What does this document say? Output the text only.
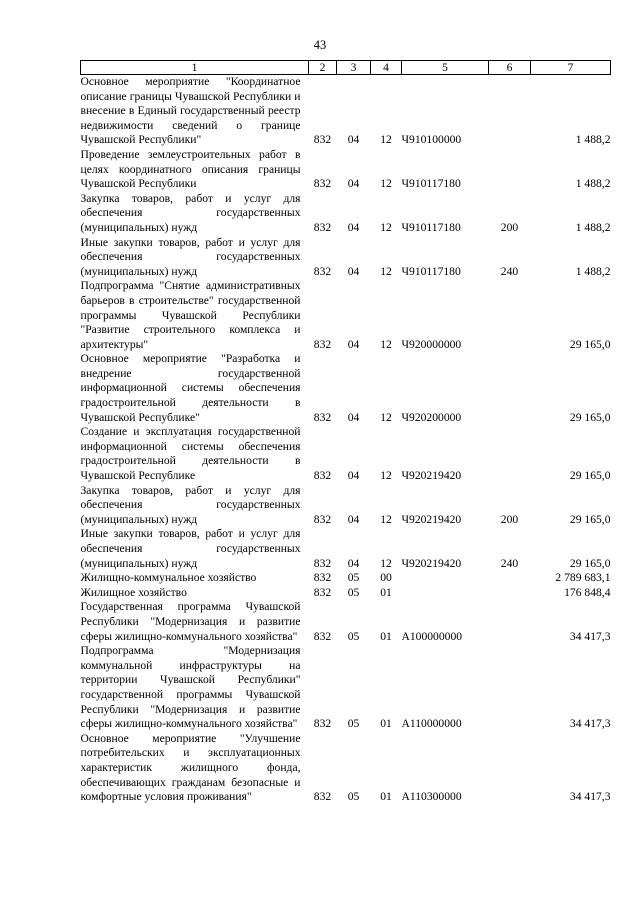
43
1	2	3	4	5	6	7
Основное мероприятие "Координатное описание границы Чувашской Республики и внесение в Единый государственный реестр недвижимости сведений о границе Чувашской Республики"	832	04	12	Ч910100000		1 488,2
Проведение землеустроительных работ в целях координатного описания границы Чувашской Республики	832	04	12	Ч910117180		1 488,2
Закупка товаров, работ и услуг для обеспечения государственных (муниципальных) нужд	832	04	12	Ч910117180	200	1 488,2
Иные закупки товаров, работ и услуг для обеспечения государственных (муниципальных) нужд	832	04	12	Ч910117180	240	1 488,2
Подпрограмма "Снятие административных барьеров в строительстве" государственной программы Чувашской Республики "Развитие строительного комплекса и архитектуры"	832	04	12	Ч920000000		29 165,0
Основное мероприятие "Разработка и внедрение государственной информационной системы обеспечения градостроительной деятельности в Чувашской Республике"	832	04	12	Ч920200000		29 165,0
Создание и эксплуатация государственной информационной системы обеспечения градостроительной деятельности в Чувашской Республике	832	04	12	Ч920219420		29 165,0
Закупка товаров, работ и услуг для обеспечения государственных (муниципальных) нужд	832	04	12	Ч920219420	200	29 165,0
Иные закупки товаров, работ и услуг для обеспечения государственных (муниципальных) нужд	832	04	12	Ч920219420	240	29 165,0
Жилищно-коммунальное хозяйство	832	05	00			2 789 683,1
Жилищное хозяйство	832	05	01			176 848,4
Государственная программа Чувашской Республики "Модернизация и развитие сферы жилищно-коммунального хозяйства"	832	05	01	А100000000		34 417,3
Подпрограмма "Модернизация коммунальной инфраструктуры на территории Чувашской Республики" государственной программы Чувашской Республики "Модернизация и развитие сферы жилищно-коммунального хозяйства"	832	05	01	А110000000		34 417,3
Основное мероприятие "Улучшение потребительских и эксплуатационных характеристик жилищного фонда, обеспечивающих гражданам безопасные и комфортные условия проживания"	832	05	01	А110300000		34 417,3
